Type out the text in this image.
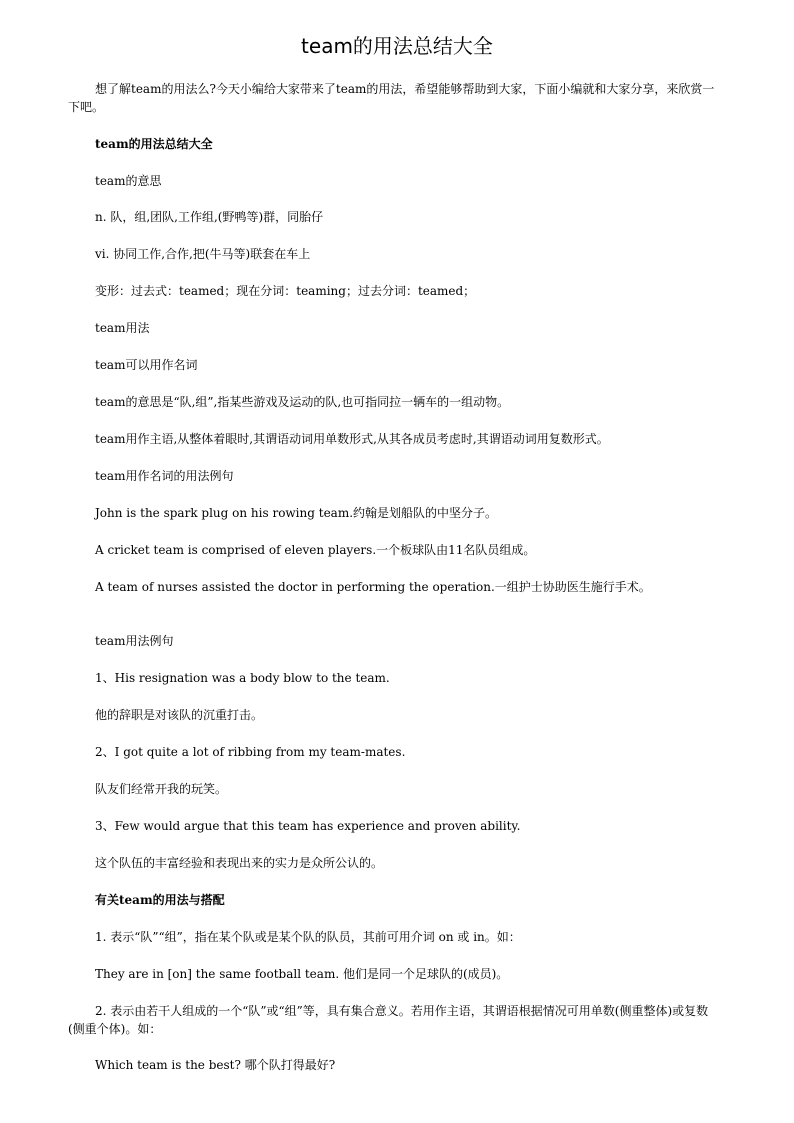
team的用法总结大全
想了解team的用法么?今天小编给大家带来了team的用法，希望能够帮助到大家，下面小编就和大家分享，来欣赏一下吧。
team的用法总结大全
team的意思
n. 队，组,团队,工作组,(野鸭等)群，同胎仔
vi. 协同工作,合作,把(牛马等)联套在车上
变形：过去式：teamed；现在分词：teaming；过去分词：teamed；
team用法
team可以用作名词
team的意思是“队,组”,指某些游戏及运动的队,也可指同拉一辆车的一组动物。
team用作主语,从整体着眼时,其谓语动词用单数形式,从其各成员考虑时,其谓语动词用复数形式。
team用作名词的用法例句
John is the spark plug on his rowing team.约翰是划船队的中坚分子。
A cricket team is comprised of eleven players.一个板球队由11名队员组成。
A team of nurses assisted the doctor in performing the operation.一组护士协助医生施行手术。
team用法例句
1、His resignation was a body blow to the team.
他的辞职是对该队的沉重打击。
2、I got quite a lot of ribbing from my team-mates.
队友们经常开我的玩笑。
3、Few would argue that this team has experience and proven ability.
这个队伍的丰富经验和表现出来的实力是众所公认的。
有关team的用法与搭配
1. 表示“队”“组”，指在某个队或是某个队的队员，其前可用介词 on 或 in。如：
They are in [on] the same football team. 他们是同一个足球队的(成员)。
2. 表示由若干人组成的一个“队”或“组”等，具有集合意义。若用作主语，其谓语根据情况可用单数(侧重整体)或复数(侧重个体)。如：
Which team is the best? 哪个队打得最好?
